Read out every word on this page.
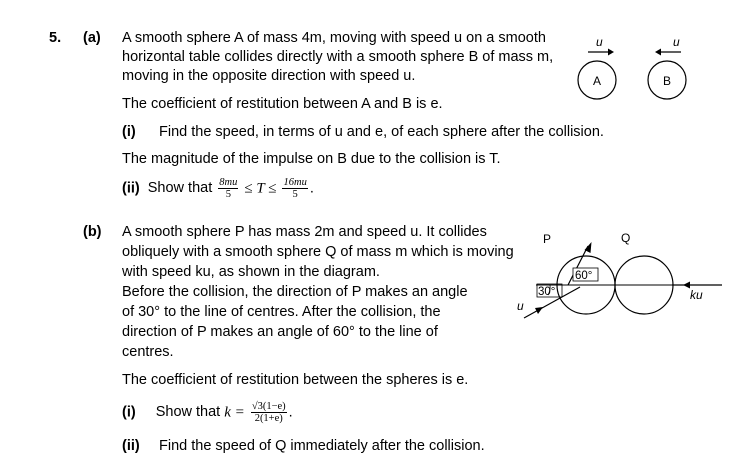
5. (a) A smooth sphere A of mass 4m, moving with speed u on a smooth
horizontal table collides directly with a smooth sphere B of mass m,
moving in the opposite direction with speed u.
The coefficient of restitution between A and B is e.
(i) Find the speed, in terms of u and e, of each sphere after the collision.
The magnitude of the impulse on B due to the collision is T.
(ii) Show that $\frac{8mu}{5} \le T \le \frac{16mu}{5}$ .
u	u
A	B
(b) A smooth sphere P has mass 2m and speed u. It collides
obliquely with a smooth sphere Q of mass m which is moving
with speed ku, as shown in the diagram.
Before the collision, the direction of P makes an angle
of 30° to the line of centres. After the collision, the
direction of P makes an angle of 60° to the line of
centres.
The coefficient of restitution between the spheres is e.
(i) Show that $k = \frac{√3(1-e)}{2(1+e)}$ .
(ii) Find the speed of Q immediately after the collision.
P	Q
u
30°
60°
ku
